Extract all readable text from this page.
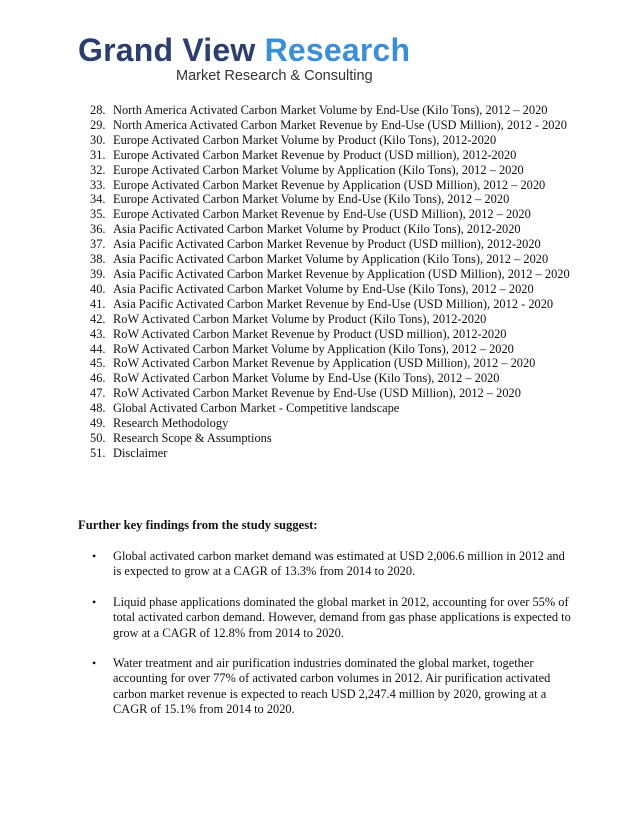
Grand View Research
Market Research & Consulting
28. North America Activated Carbon Market Volume by End-Use (Kilo Tons), 2012 – 2020
29. North America Activated Carbon Market Revenue by End-Use (USD Million), 2012 - 2020
30. Europe Activated Carbon Market Volume by Product (Kilo Tons), 2012-2020
31. Europe Activated Carbon Market Revenue by Product (USD million), 2012-2020
32. Europe Activated Carbon Market Volume by Application (Kilo Tons), 2012 – 2020
33. Europe Activated Carbon Market Revenue by Application (USD Million), 2012 – 2020
34. Europe Activated Carbon Market Volume by End-Use (Kilo Tons), 2012 – 2020
35. Europe Activated Carbon Market Revenue by End-Use (USD Million), 2012 – 2020
36. Asia Pacific Activated Carbon Market Volume by Product (Kilo Tons), 2012-2020
37. Asia Pacific Activated Carbon Market Revenue by Product (USD million), 2012-2020
38. Asia Pacific Activated Carbon Market Volume by Application (Kilo Tons), 2012 – 2020
39. Asia Pacific Activated Carbon Market Revenue by Application (USD Million), 2012 – 2020
40. Asia Pacific Activated Carbon Market Volume by End-Use (Kilo Tons), 2012 – 2020
41. Asia Pacific Activated Carbon Market Revenue by End-Use (USD Million), 2012 - 2020
42. RoW Activated Carbon Market Volume by Product (Kilo Tons), 2012-2020
43. RoW Activated Carbon Market Revenue by Product (USD million), 2012-2020
44. RoW Activated Carbon Market Volume by Application (Kilo Tons), 2012 – 2020
45. RoW Activated Carbon Market Revenue by Application (USD Million), 2012 – 2020
46. RoW Activated Carbon Market Volume by End-Use (Kilo Tons), 2012 – 2020
47. RoW Activated Carbon Market Revenue by End-Use (USD Million), 2012 – 2020
48. Global Activated Carbon Market - Competitive landscape
49. Research Methodology
50. Research Scope & Assumptions
51. Disclaimer
Further key findings from the study suggest:
•	Global activated carbon market demand was estimated at USD 2,006.6 million in 2012 and is expected to grow at a CAGR of 13.3% from 2014 to 2020.
•	Liquid phase applications dominated the global market in 2012, accounting for over 55% of total activated carbon demand. However, demand from gas phase applications is expected to grow at a CAGR of 12.8% from 2014 to 2020.
•	Water treatment and air purification industries dominated the global market, together accounting for over 77% of activated carbon volumes in 2012. Air purification activated carbon market revenue is expected to reach USD 2,247.4 million by 2020, growing at a CAGR of 15.1% from 2014 to 2020.
